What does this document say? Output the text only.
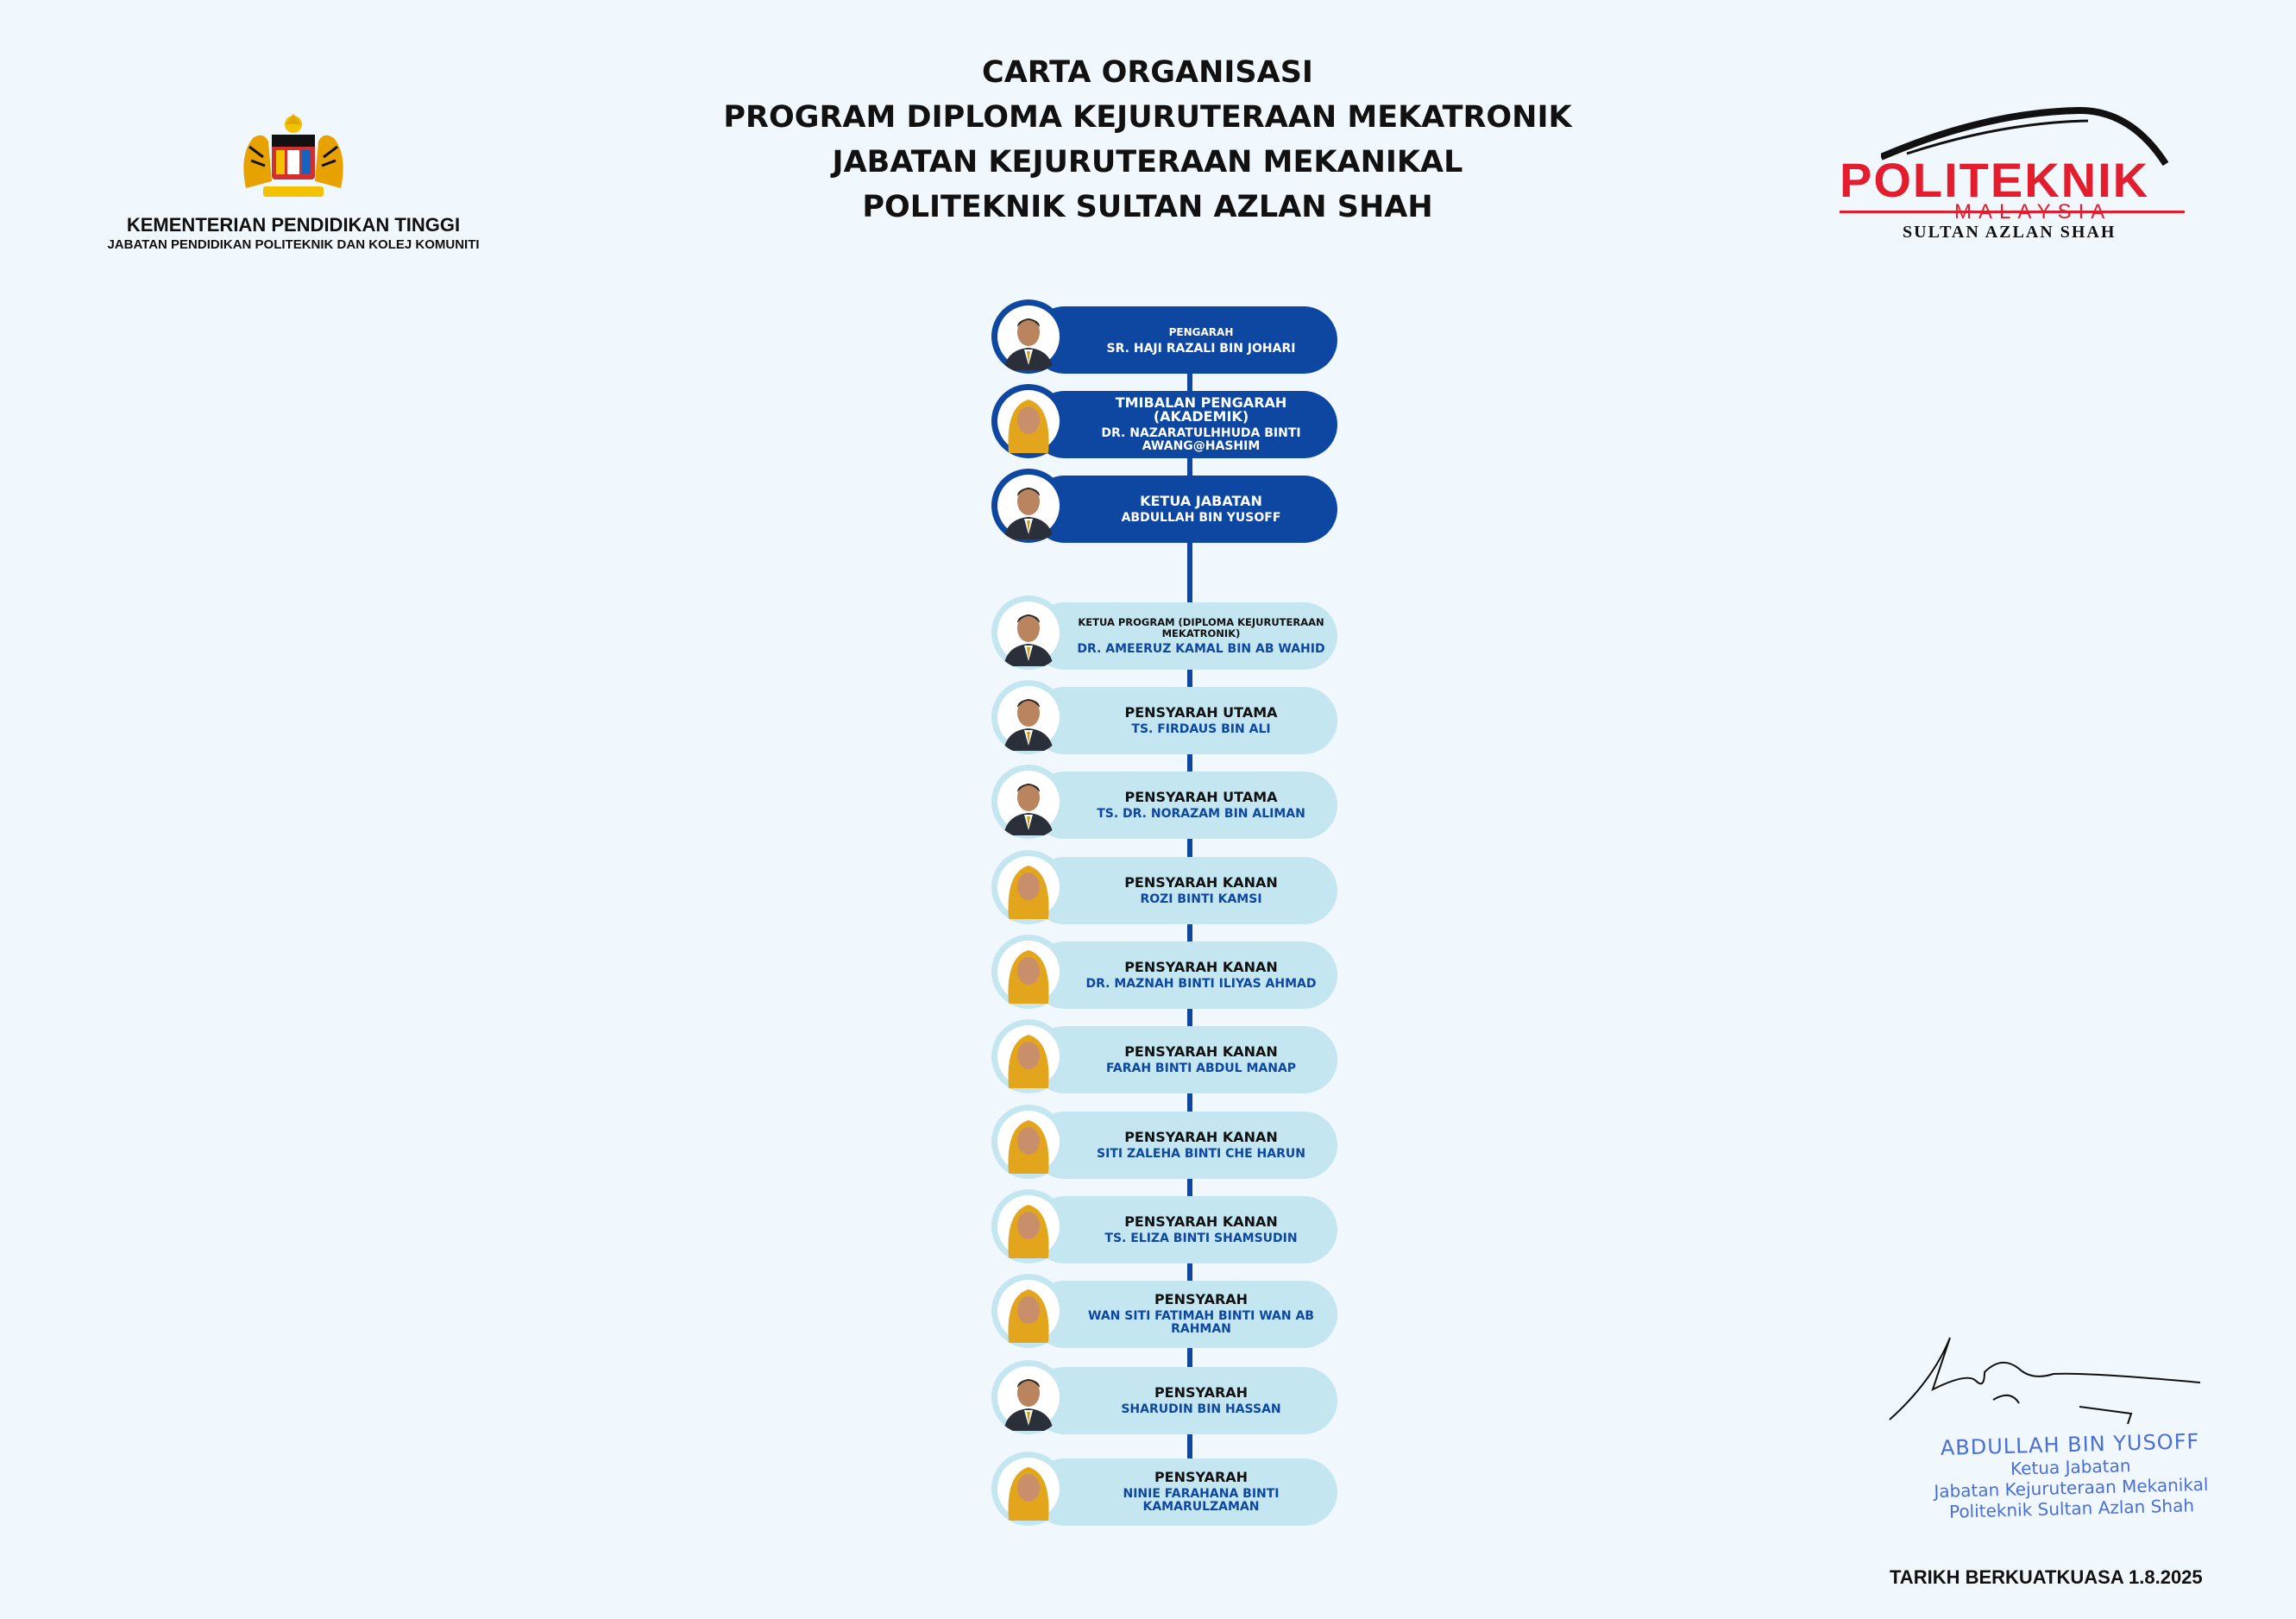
KEMENTERIAN PENDIDIKAN TINGGI
JABATAN PENDIDIKAN POLITEKNIK DAN KOLEJ KOMUNITI
CARTA ORGANISASI
PROGRAM DIPLOMA KEJURUTERAAN MEKATRONIK
JABATAN KEJURUTERAAN MEKANIKAL
POLITEKNIK SULTAN AZLAN SHAH	POLITEKNIK
MALAYSIA
SULTAN AZLAN SHAH
PENGARAH
SR. HAJI RAZALI BIN JOHARI
TMIBALAN PENGARAH (AKADEMIK)
DR. NAZARATULHHUDA BINTI AWANG@HASHIM
KETUA JABATAN
ABDULLAH BIN YUSOFF
KETUA PROGRAM (DIPLOMA KEJURUTERAAN MEKATRONIK)
DR. AMEERUZ KAMAL BIN AB WAHID
PENSYARAH UTAMA
TS. FIRDAUS BIN ALI
PENSYARAH UTAMA
TS. DR. NORAZAM BIN ALIMAN
PENSYARAH KANAN
ROZI BINTI KAMSI
PENSYARAH KANAN
DR. MAZNAH BINTI ILIYAS AHMAD
PENSYARAH KANAN
FARAH BINTI ABDUL MANAP
PENSYARAH KANAN
SITI ZALEHA BINTI CHE HARUN
PENSYARAH KANAN
TS. ELIZA BINTI SHAMSUDIN
PENSYARAH
WAN SITI FATIMAH BINTI WAN AB RAHMAN
PENSYARAH
SHARUDIN BIN HASSAN
PENSYARAH
NINIE FARAHANA BINTI KAMARULZAMAN
ABDULLAH BIN YUSOFF
Ketua Jabatan
Jabatan Kejuruteraan Mekanikal
Politeknik Sultan Azlan Shah
TARIKH BERKUATKUASA 1.8.2025
